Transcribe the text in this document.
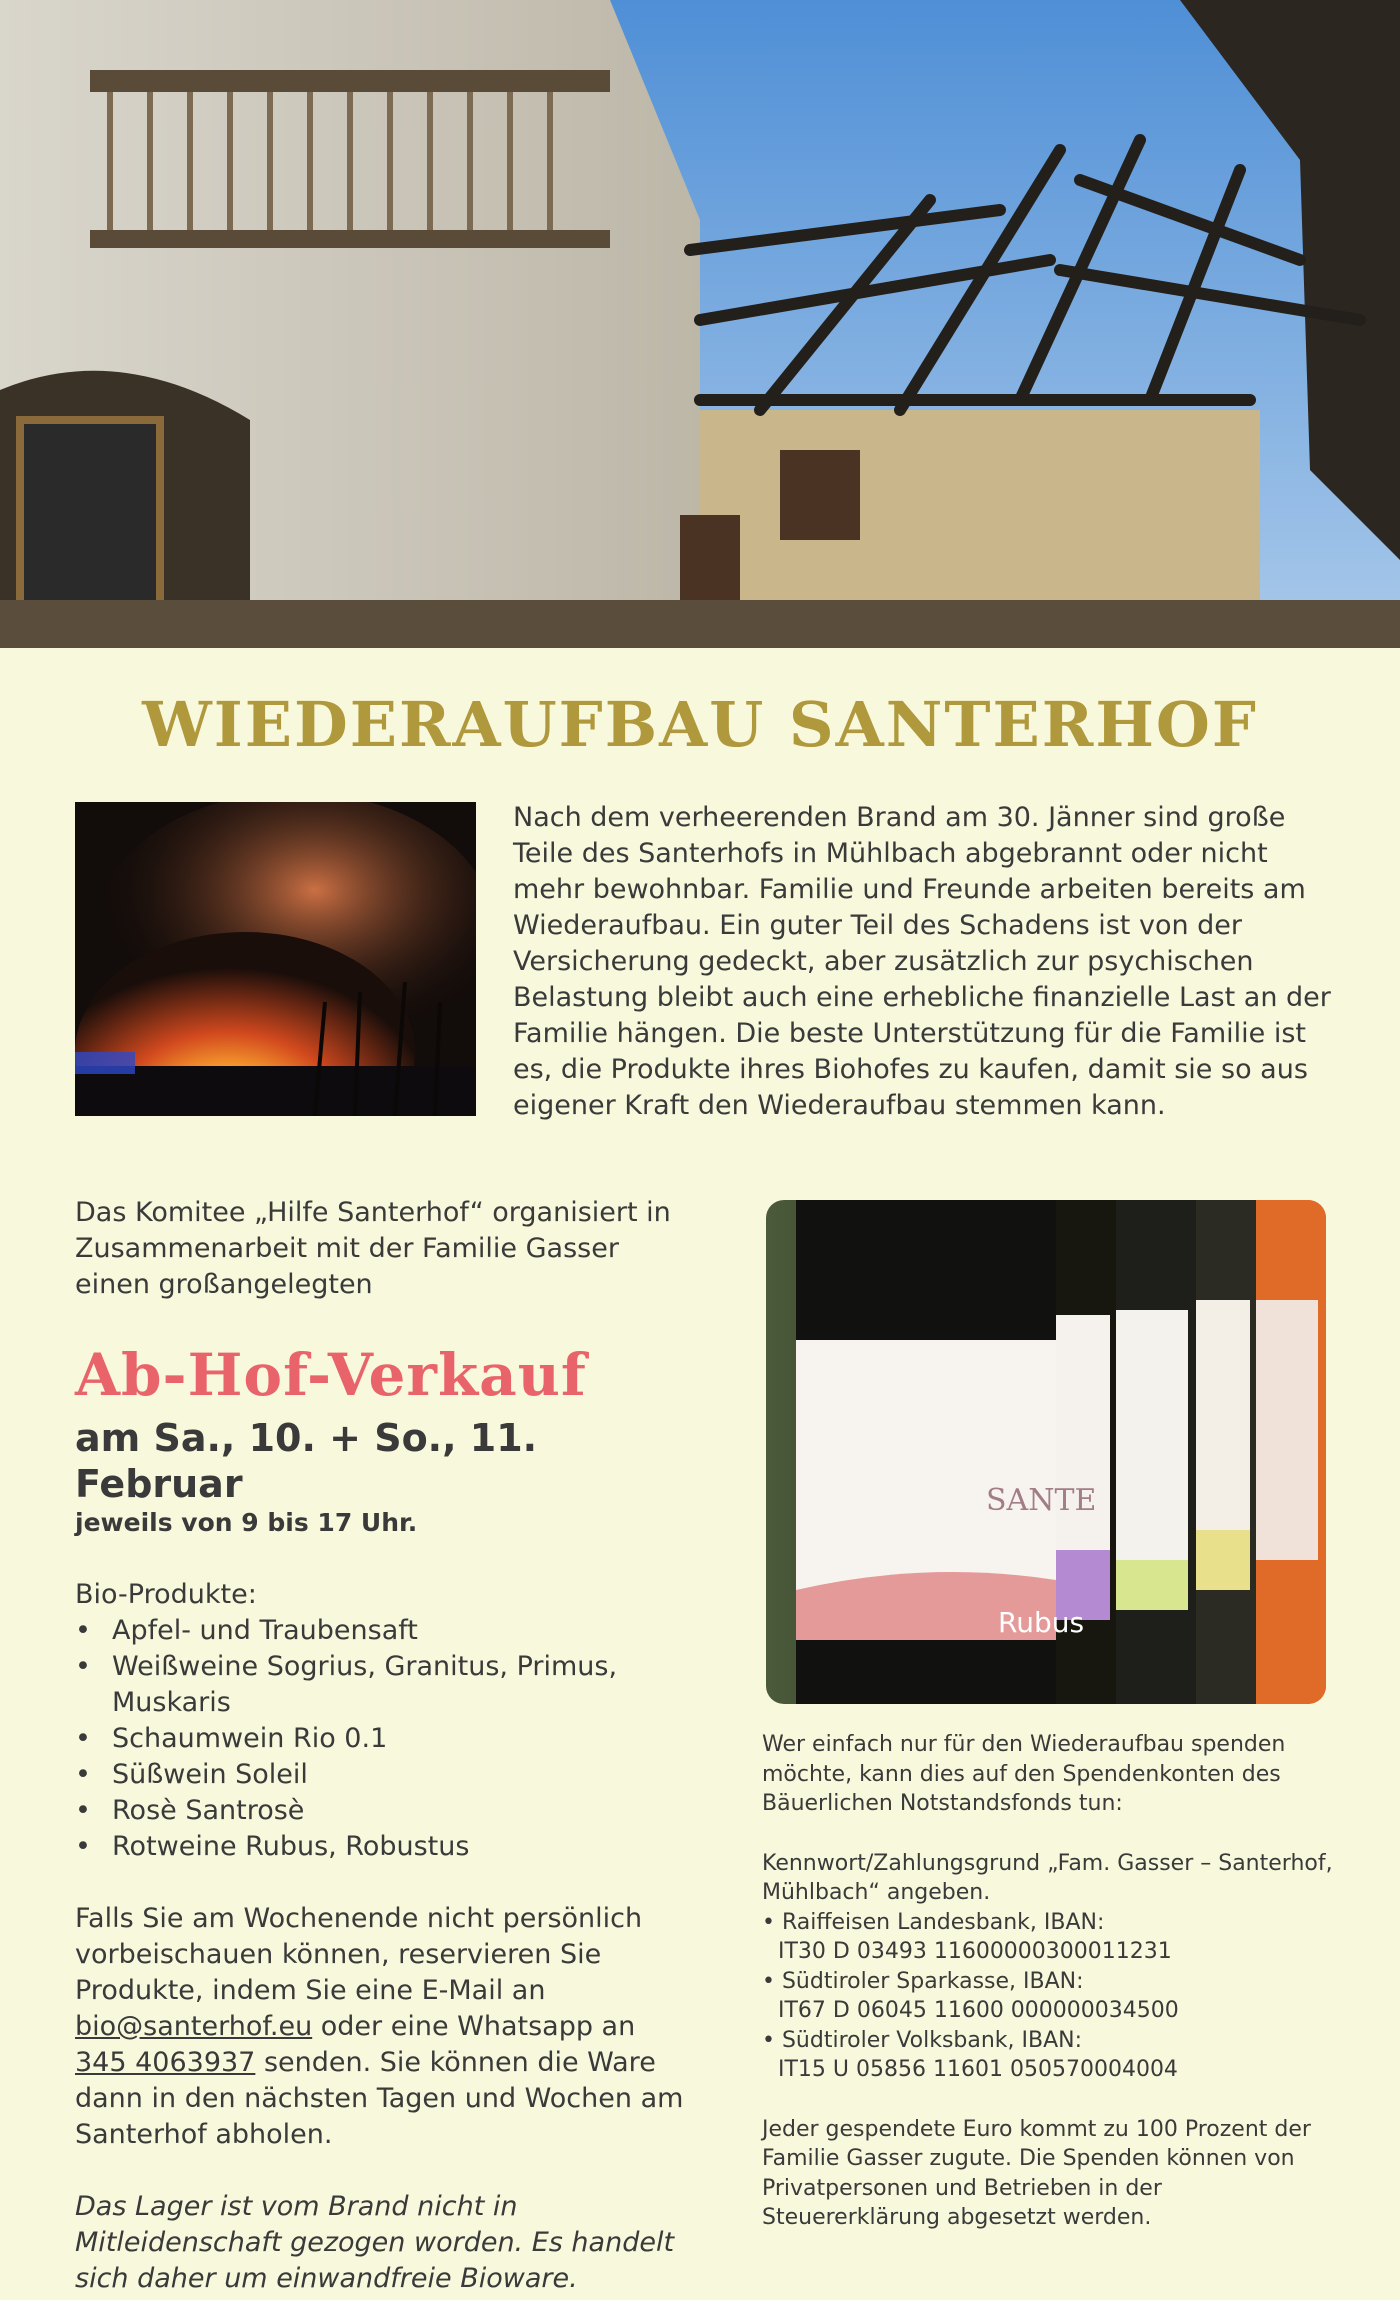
WIEDERAUFBAU SANTERHOF

Nach dem verheerenden Brand am 30. Jänner sind große Teile des Santerhofs in Mühlbach abgebrannt oder nicht mehr bewohnbar. Familie und Freunde arbeiten bereits am Wiederaufbau. Ein guter Teil des Schadens ist von der Versicherung gedeckt, aber zusätzlich zur psychischen Belastung bleibt auch eine erhebliche finanzielle Last an der Familie hängen. Die beste Unterstützung für die Familie ist es, die Produkte ihres Biohofes zu kaufen, damit sie so aus eigener Kraft den Wiederaufbau stemmen kann.

Das Komitee „Hilfe Santerhof“ organisiert in Zusammenarbeit mit der Familie Gasser einen großangelegten

Ab-Hof-Verkauf
am Sa., 10. + So., 11. Februar
jeweils von 9 bis 17 Uhr.

Bio-Produkte:

• Apfel- und Traubensaft
• Weißweine Sogrius, Granitus, Primus, Muskaris
• Schaumwein Rio 0.1
• Süßwein Soleil
• Rosè Santrosè
• Rotweine Rubus, Robustus

Falls Sie am Wochenende nicht persönlich vorbeischauen können, reservieren Sie Produkte, indem Sie eine E-Mail an bio@santerhof.eu oder eine Whatsapp an 345 4063937 senden. Sie können die Ware dann in den nächsten Tagen und Wochen am Santerhof abholen.

Das Lager ist vom Brand nicht in Mitleidenschaft gezogen worden. Es handelt sich daher um einwandfreie Bioware.

SANTE
Rubus

Wer einfach nur für den Wiederaufbau spenden möchte, kann dies auf den Spendenkonten des Bäuerlichen Notstandsfonds tun:

Kennwort/Zahlungsgrund „Fam. Gasser – Santerhof, Mühlbach“ angeben.

• Raiffeisen Landesbank, IBAN:

IT30 D 03493 11600000300011231

• Südtiroler Sparkasse, IBAN:

IT67 D 06045 11600 000000034500

• Südtiroler Volksbank, IBAN:

IT15 U 05856 11601 050570004004

Jeder gespendete Euro kommt zu 100 Prozent der Familie Gasser zugute. Die Spenden können von Privatpersonen und Betrieben in der Steuererklärung abgesetzt werden.
